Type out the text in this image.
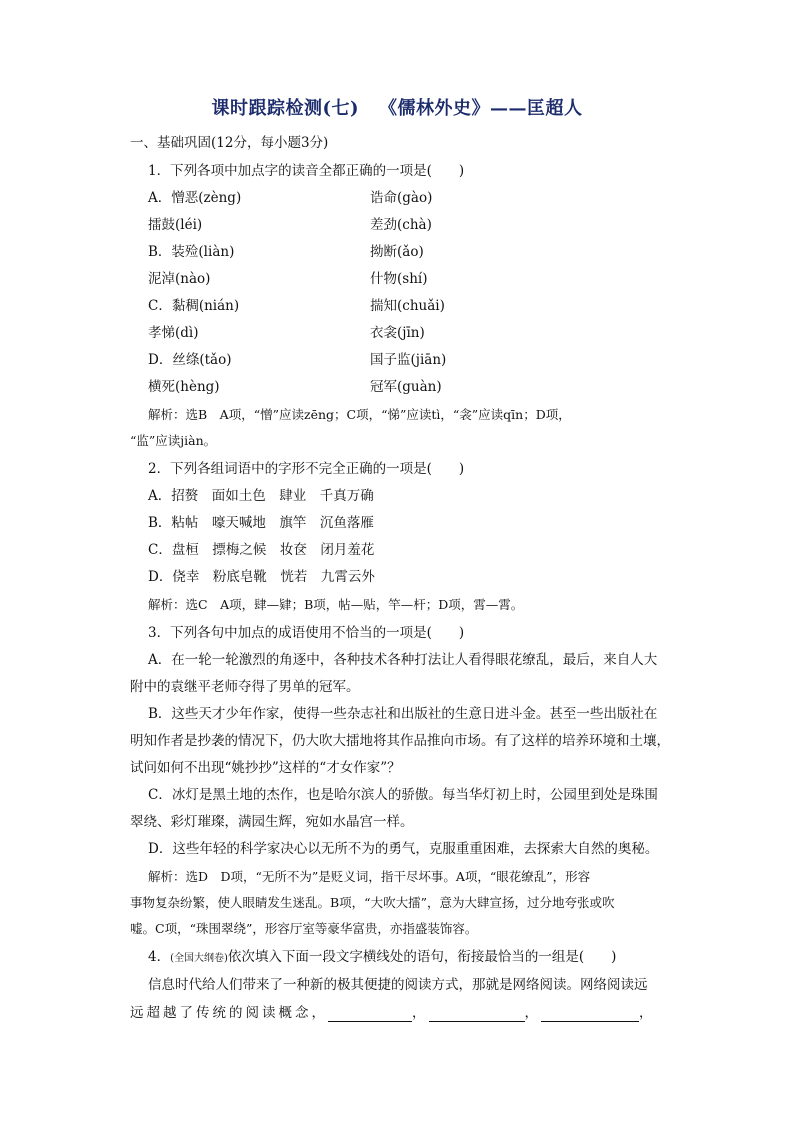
课时跟踪检测(七) 《儒林外史》——匡超人
一、基础巩固(12分，每小题3分)
1．下列各项中加点字的读音全都正确的一项是(　　)
A．憎恶(zèng)	诰命(gào)
擂鼓(léi)	差劲(chà)
B．装殓(liàn)	拗断(ǎo)
泥淖(nào)	什物(shí)
C．黏稠(nián)	揣知(chuǎi)
孝悌(dì)	衣衾(jīn)
D．丝绦(tǎo)	国子监(jiān)
横死(hèng)	冠军(guàn)
解析：选B　A项，“憎”应读zēng；C项，“悌”应读tì，“衾”应读qīn；D项，
“监”应读jiàn。
2．下列各组词语中的字形不完全正确的一项是(　　)
A．招赘　面如土色　肆业　千真万确
B．粘帖　嚎天喊地　旗竿　沉鱼落雁
C．盘桓　摽梅之候　妆奁　闭月羞花
D．侥幸　粉底皂靴　恍若　九霄云外
解析：选C　A项，肆—肄；B项，帖—贴，竿—杆；D项，霄—霄。
3．下列各句中加点的成语使用不恰当的一项是(　　)
A．在一轮一轮激烈的角逐中，各种技术各种打法让人看得眼花缭乱，最后，来自人大
附中的袁继平老师夺得了男单的冠军。
B．这些天才少年作家，使得一些杂志社和出版社的生意日进斗金。甚至一些出版社在
明知作者是抄袭的情况下，仍大吹大擂地将其作品推向市场。有了这样的培养环境和土壤，
试问如何不出现“姚抄抄”这样的“才女作家”？
C．冰灯是黑土地的杰作，也是哈尔滨人的骄傲。每当华灯初上时，公园里到处是珠围
翠绕、彩灯璀璨，满园生辉，宛如水晶宫一样。
D．这些年轻的科学家决心以无所不为的勇气，克服重重困难，去探索大自然的奥秘。
解析：选D　D项，“无所不为”是贬义词，指干尽坏事。A项，“眼花缭乱”，形容
事物复杂纷繁，使人眼睛发生迷乱。B项，“大吹大擂”，意为大肆宣扬，过分地夸张或吹
嘘。C项，“珠围翠绕”，形容厅室等豪华富贵，亦指盛装饰容。
4．(全国大纲卷)依次填入下面一段文字横线处的语句，衔接最恰当的一组是(　　)
信息时代给人们带来了一种新的极其便捷的阅读方式，那就是网络阅读。网络阅读远
远超越了传统的阅读概念，	，	，	，
